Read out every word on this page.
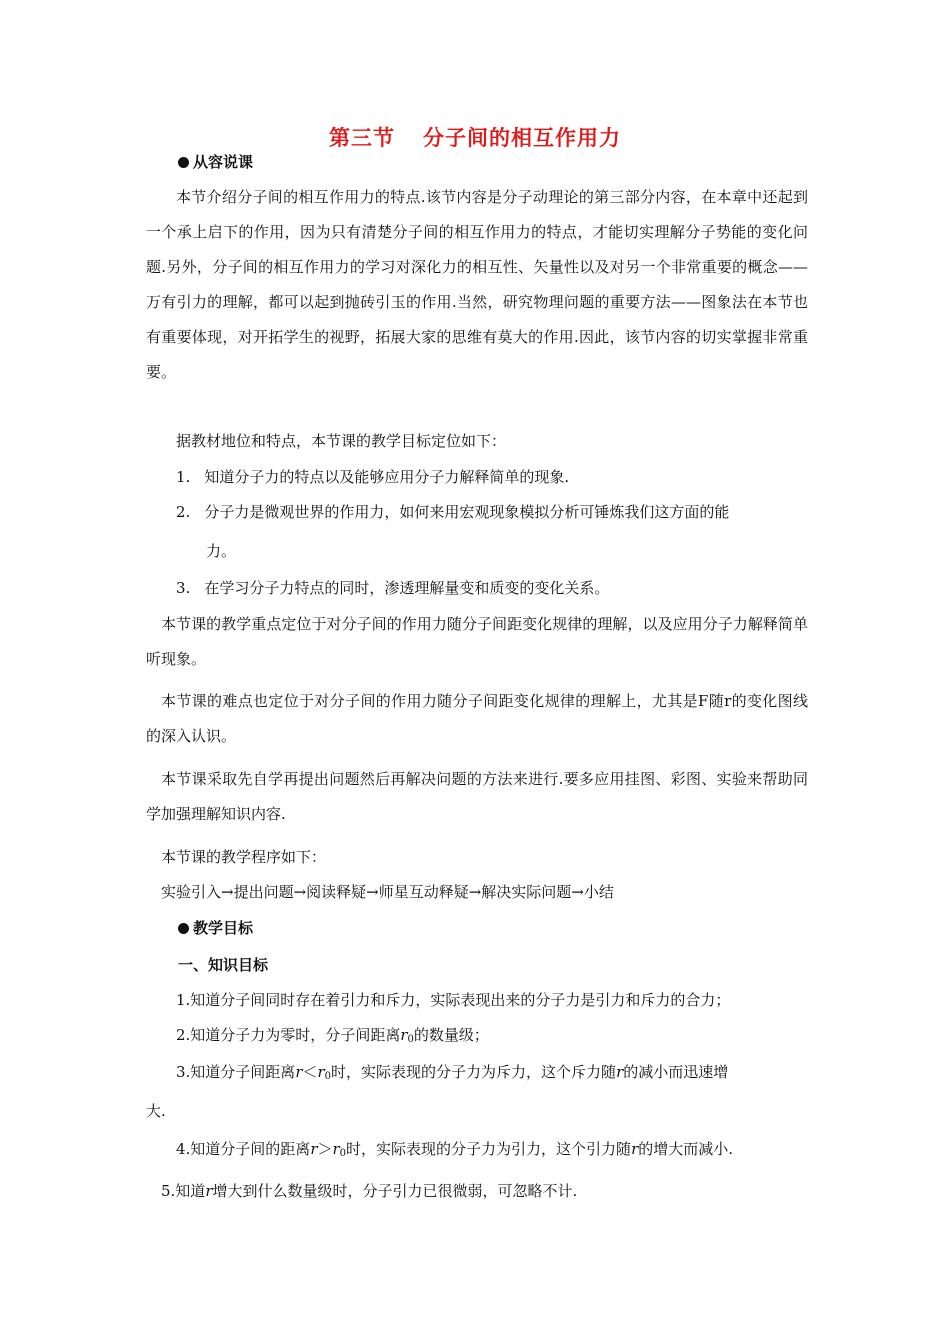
第三节 分子间的相互作用力
从容说课
本节介绍分子间的相互作用力的特点.该节内容是分子动理论的第三部分内容，在本章中还起到一个承上启下的作用，因为只有清楚分子间的相互作用力的特点，才能切实理解分子势能的变化问题.另外，分子间的相互作用力的学习对深化力的相互性、矢量性以及对另一个非常重要的概念——万有引力的理解，都可以起到抛砖引玉的作用.当然，研究物理问题的重要方法——图象法在本节也有重要体现，对开拓学生的视野，拓展大家的思维有莫大的作用.因此，该节内容的切实掌握非常重要。
据教材地位和特点，本节课的教学目标定位如下：
1. 知道分子力的特点以及能够应用分子力解释简单的现象.
2. 分子力是微观世界的作用力，如何来用宏观现象模拟分析可锤炼我们这方面的能
力。
3. 在学习分子力特点的同时，渗透理解量变和质变的变化关系。
本节课的教学重点定位于对分子间的作用力随分子间距变化规律的理解，以及应用分子力解释简单听现象。
本节课的难点也定位于对分子间的作用力随分子间距变化规律的理解上，尤其是F随r的变化图线的深入认识。
本节课采取先自学再提出问题然后再解决问题的方法来进行.要多应用挂图、彩图、实验来帮助同学加强理解知识内容.
本节课的教学程序如下：
实验引入→提出问题→阅读释疑→师星互动释疑→解决实际问题→小结
教学目标
一、知识目标
1.知道分子间同时存在着引力和斥力，实际表现出来的分子力是引力和斥力的合力；
2.知道分子力为零时，分子间距离$r_0$的数量级；
3.知道分子间距离$r<r_0$时，实际表现的分子力为斥力，这个斥力随r的减小而迅速增
大.
4.知道分子间的距离$r>r_0$时，实际表现的分子力为引力，这个引力随r的增大而减小.
5.知道r增大到什么数量级时，分子引力已很微弱，可忽略不计.
